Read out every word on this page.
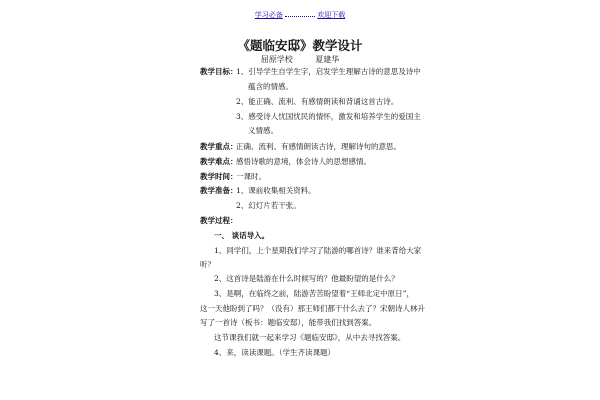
学习必备	欢迎下载
《题临安邸》教学设计
屈原学校	夏建华
教学目标：
1、引导学生自学生字，启发学生理解古诗的意思及诗中
蕴含的情感。
2、能正确、流利、有感情朗读和背诵这首古诗。
3、感受诗人忧国忧民的情怀，激发和培养学生的爱国主
义情感。
教学重点：
正确、流利、有感情朗读古诗，理解诗句的意思。
教学难点：
感悟诗歌的意境，体会诗人的思想感情。
教学时间：
一课时。
教学准备：
1、课前收集相关资料。
2、幻灯片若干张。
教学过程：
一、 谈话导入。
1、同学们，上个星期我们学习了陆游的哪首诗？谁来背给大家
听？
2、这首诗是陆游在什么时候写的？他最盼望的是什么？
3、是啊，在临终之前，陆游苦苦盼望着“王师北定中原日”，
这一天他盼到了吗？（没有）那王师们都干什么去了？宋朝诗人林升
写了一首诗（板书：题临安邸），能带我们找到答案。
这节课我们就一起来学习《题临安邸》，从中去寻找答案。
4、来，读读课题。（学生齐读课题）
